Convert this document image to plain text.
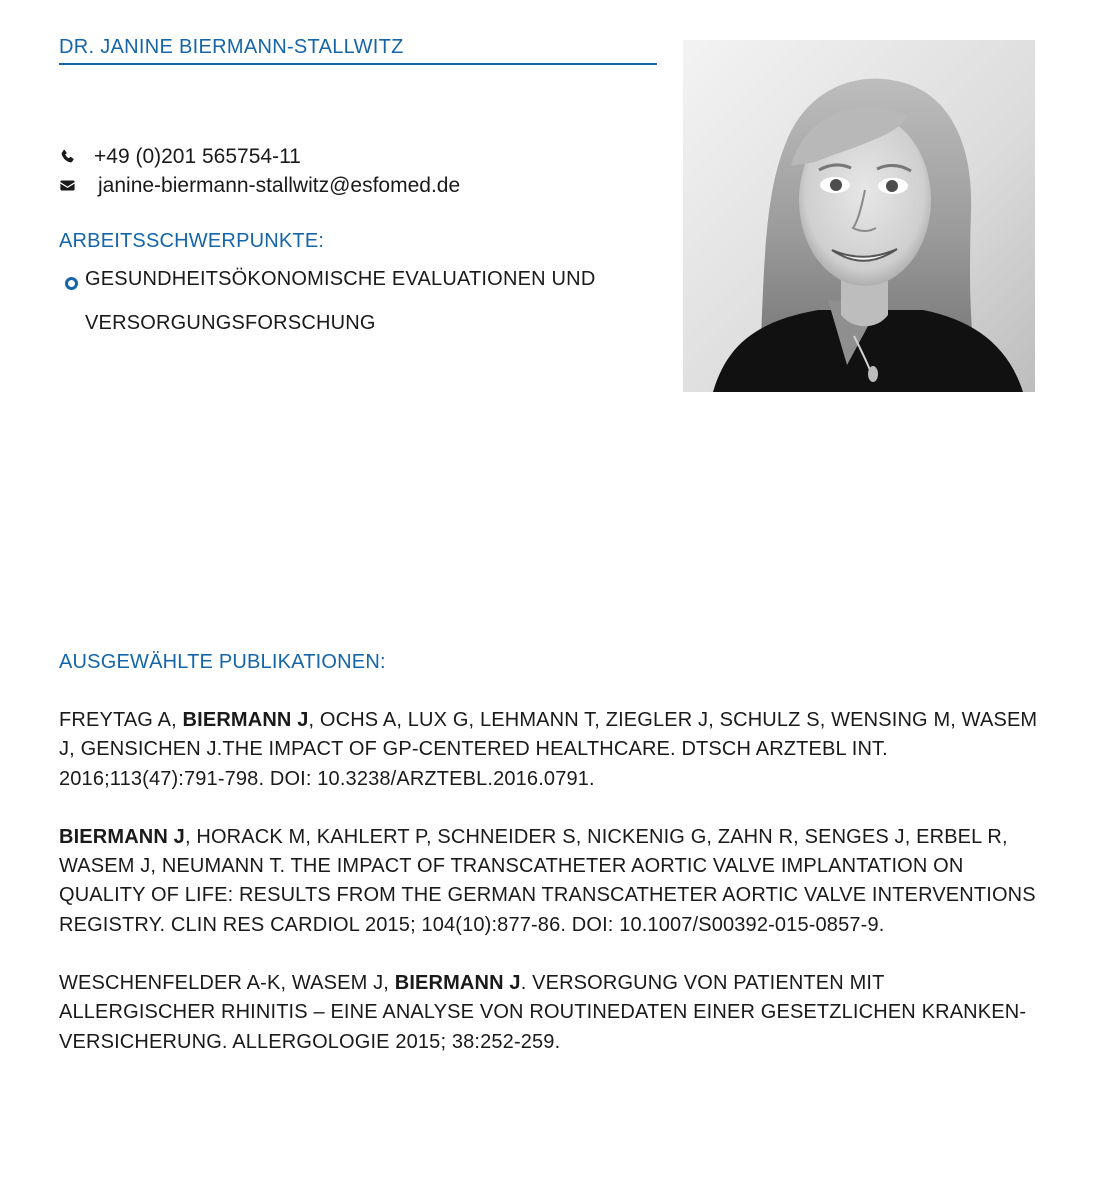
DR. JANINE BIERMANN-STALLWITZ
+49 (0)201 565754-11
janine-biermann-stallwitz@esfomed.de
ARBEITSSCHWERPUNKTE:
GESUNDHEITSÖKONOMISCHE EVALUATIONEN UND VERSORGUNGSFORSCHUNG
AUSGEWÄHLTE PUBLIKATIONEN:

FREYTAG A, BIERMANN J, OCHS A, LUX G, LEHMANN T, ZIEGLER J, SCHULZ S, WENSING M, WASEM J, GENSICHEN J.THE IMPACT OF GP-CENTERED HEALTHCARE. DTSCH ARZTEBL INT. 2016;113(47):791-798. DOI: 10.3238/ARZTEBL.2016.0791.

BIERMANN J, HORACK M, KAHLERT P, SCHNEIDER S, NICKENIG G, ZAHN R, SENGES J, ERBEL R, WASEM J, NEUMANN T. THE IMPACT OF TRANSCATHETER AORTIC VALVE IMPLANTATION ON QUALITY OF LIFE: RESULTS FROM THE GERMAN TRANSCATHETER AORTIC VALVE INTERVENTIONS REGISTRY. CLIN RES CARDIOL 2015; 104(10):877-86. DOI: 10.1007/S00392-015-0857-9.

WESCHENFELDER A-K, WASEM J, BIERMANN J. VERSORGUNG VON PATIENTEN MIT ALLERGISCHER RHINITIS – EINE ANALYSE VON ROUTINEDATEN EINER GESETZLICHEN KRANKEN-VERSICHERUNG. ALLERGOLOGIE 2015; 38:252-259.
